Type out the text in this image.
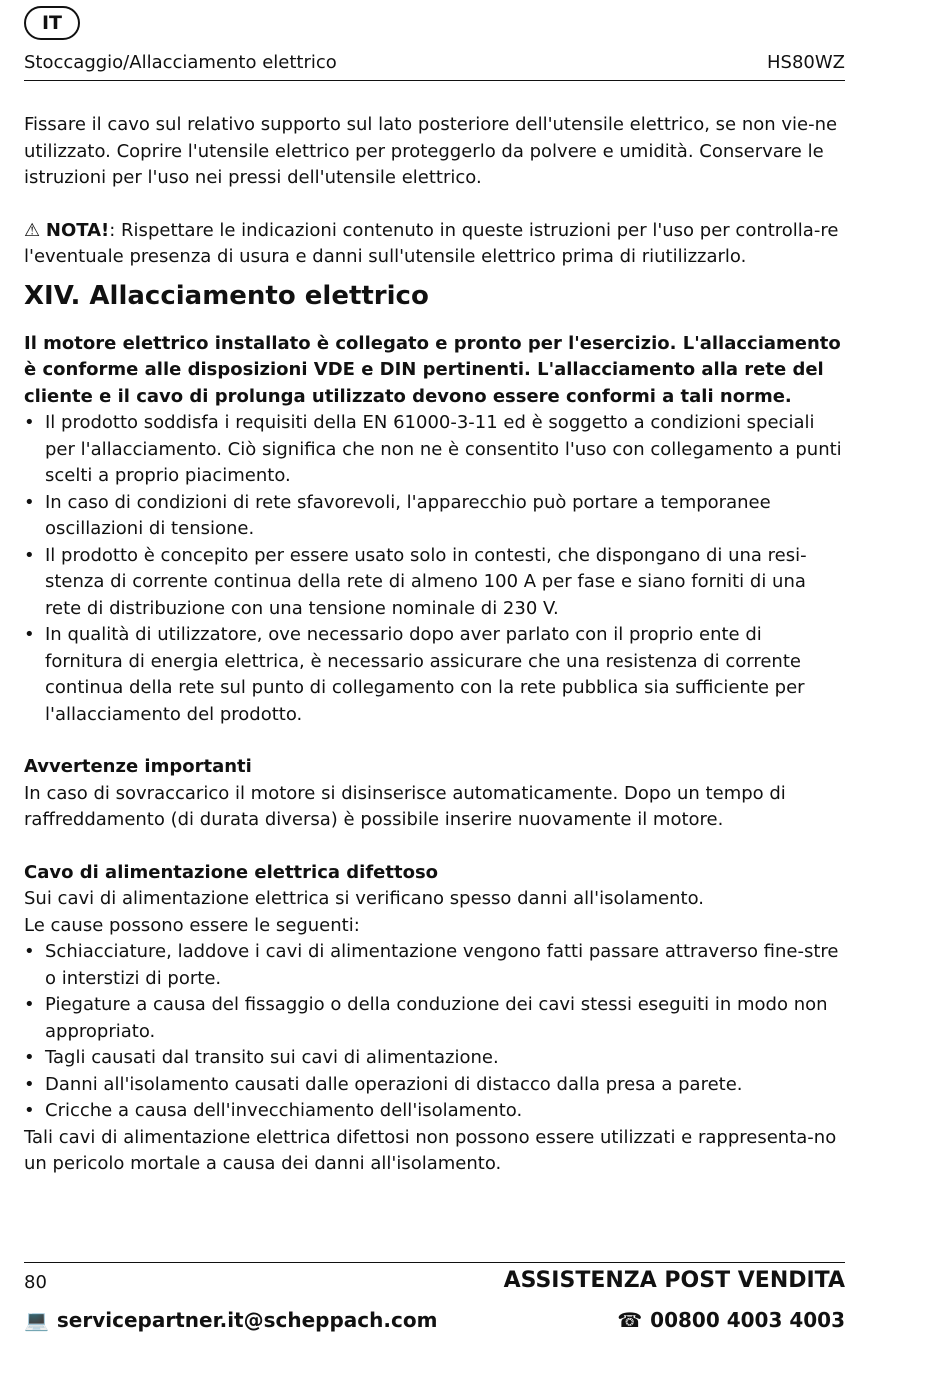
IT
Stoccaggio/Allacciamento elettrico	HS80WZ

Fissare il cavo sul relativo supporto sul lato posteriore dell'utensile elettrico, se non vie-ne utilizzato. Coprire l'utensile elettrico per proteggerlo da polvere e umidità. Conservare le istruzioni per l'uso nei pressi dell'utensile elettrico.

⚠ NOTA!: Rispettare le indicazioni contenuto in queste istruzioni per l'uso per controlla-re l'eventuale presenza di usura e danni sull'utensile elettrico prima di riutilizzarlo.

XIV. Allacciamento elettrico

Il motore elettrico installato è collegato e pronto per l'esercizio. L'allacciamento è conforme alle disposizioni VDE e DIN pertinenti. L'allacciamento alla rete del cliente e il cavo di prolunga utilizzato devono essere conformi a tali norme.

• Il prodotto soddisfa i requisiti della EN 61000-3-11 ed è soggetto a condizioni speciali per l'allacciamento. Ciò significa che non ne è consentito l'uso con collegamento a punti scelti a proprio piacimento.
• In caso di condizioni di rete sfavorevoli, l'apparecchio può portare a temporanee oscillazioni di tensione.
• Il prodotto è concepito per essere usato solo in contesti, che dispongano di una resi-stenza di corrente continua della rete di almeno 100 A per fase e siano forniti di una rete di distribuzione con una tensione nominale di 230 V.
• In qualità di utilizzatore, ove necessario dopo aver parlato con il proprio ente di fornitura di energia elettrica, è necessario assicurare che una resistenza di corrente continua della rete sul punto di collegamento con la rete pubblica sia sufficiente per l'allacciamento del prodotto.

Avvertenze importanti

In caso di sovraccarico il motore si disinserisce automaticamente. Dopo un tempo di raffreddamento (di durata diversa) è possibile inserire nuovamente il motore.

Cavo di alimentazione elettrica difettoso

Sui cavi di alimentazione elettrica si verificano spesso danni all'isolamento.

Le cause possono essere le seguenti:

• Schiacciature, laddove i cavi di alimentazione vengono fatti passare attraverso fine-stre o interstizi di porte.
• Piegature a causa del fissaggio o della conduzione dei cavi stessi eseguiti in modo non appropriato.
• Tagli causati dal transito sui cavi di alimentazione.
• Danni all'isolamento causati dalle operazioni di distacco dalla presa a parete.
• Cricche a causa dell'invecchiamento dell'isolamento.

Tali cavi di alimentazione elettrica difettosi non possono essere utilizzati e rappresenta-no un pericolo mortale a causa dei danni all'isolamento.

80	ASSISTENZA POST VENDITA
💻 servicepartner.it@scheppach.com	☎ 00800 4003 4003
